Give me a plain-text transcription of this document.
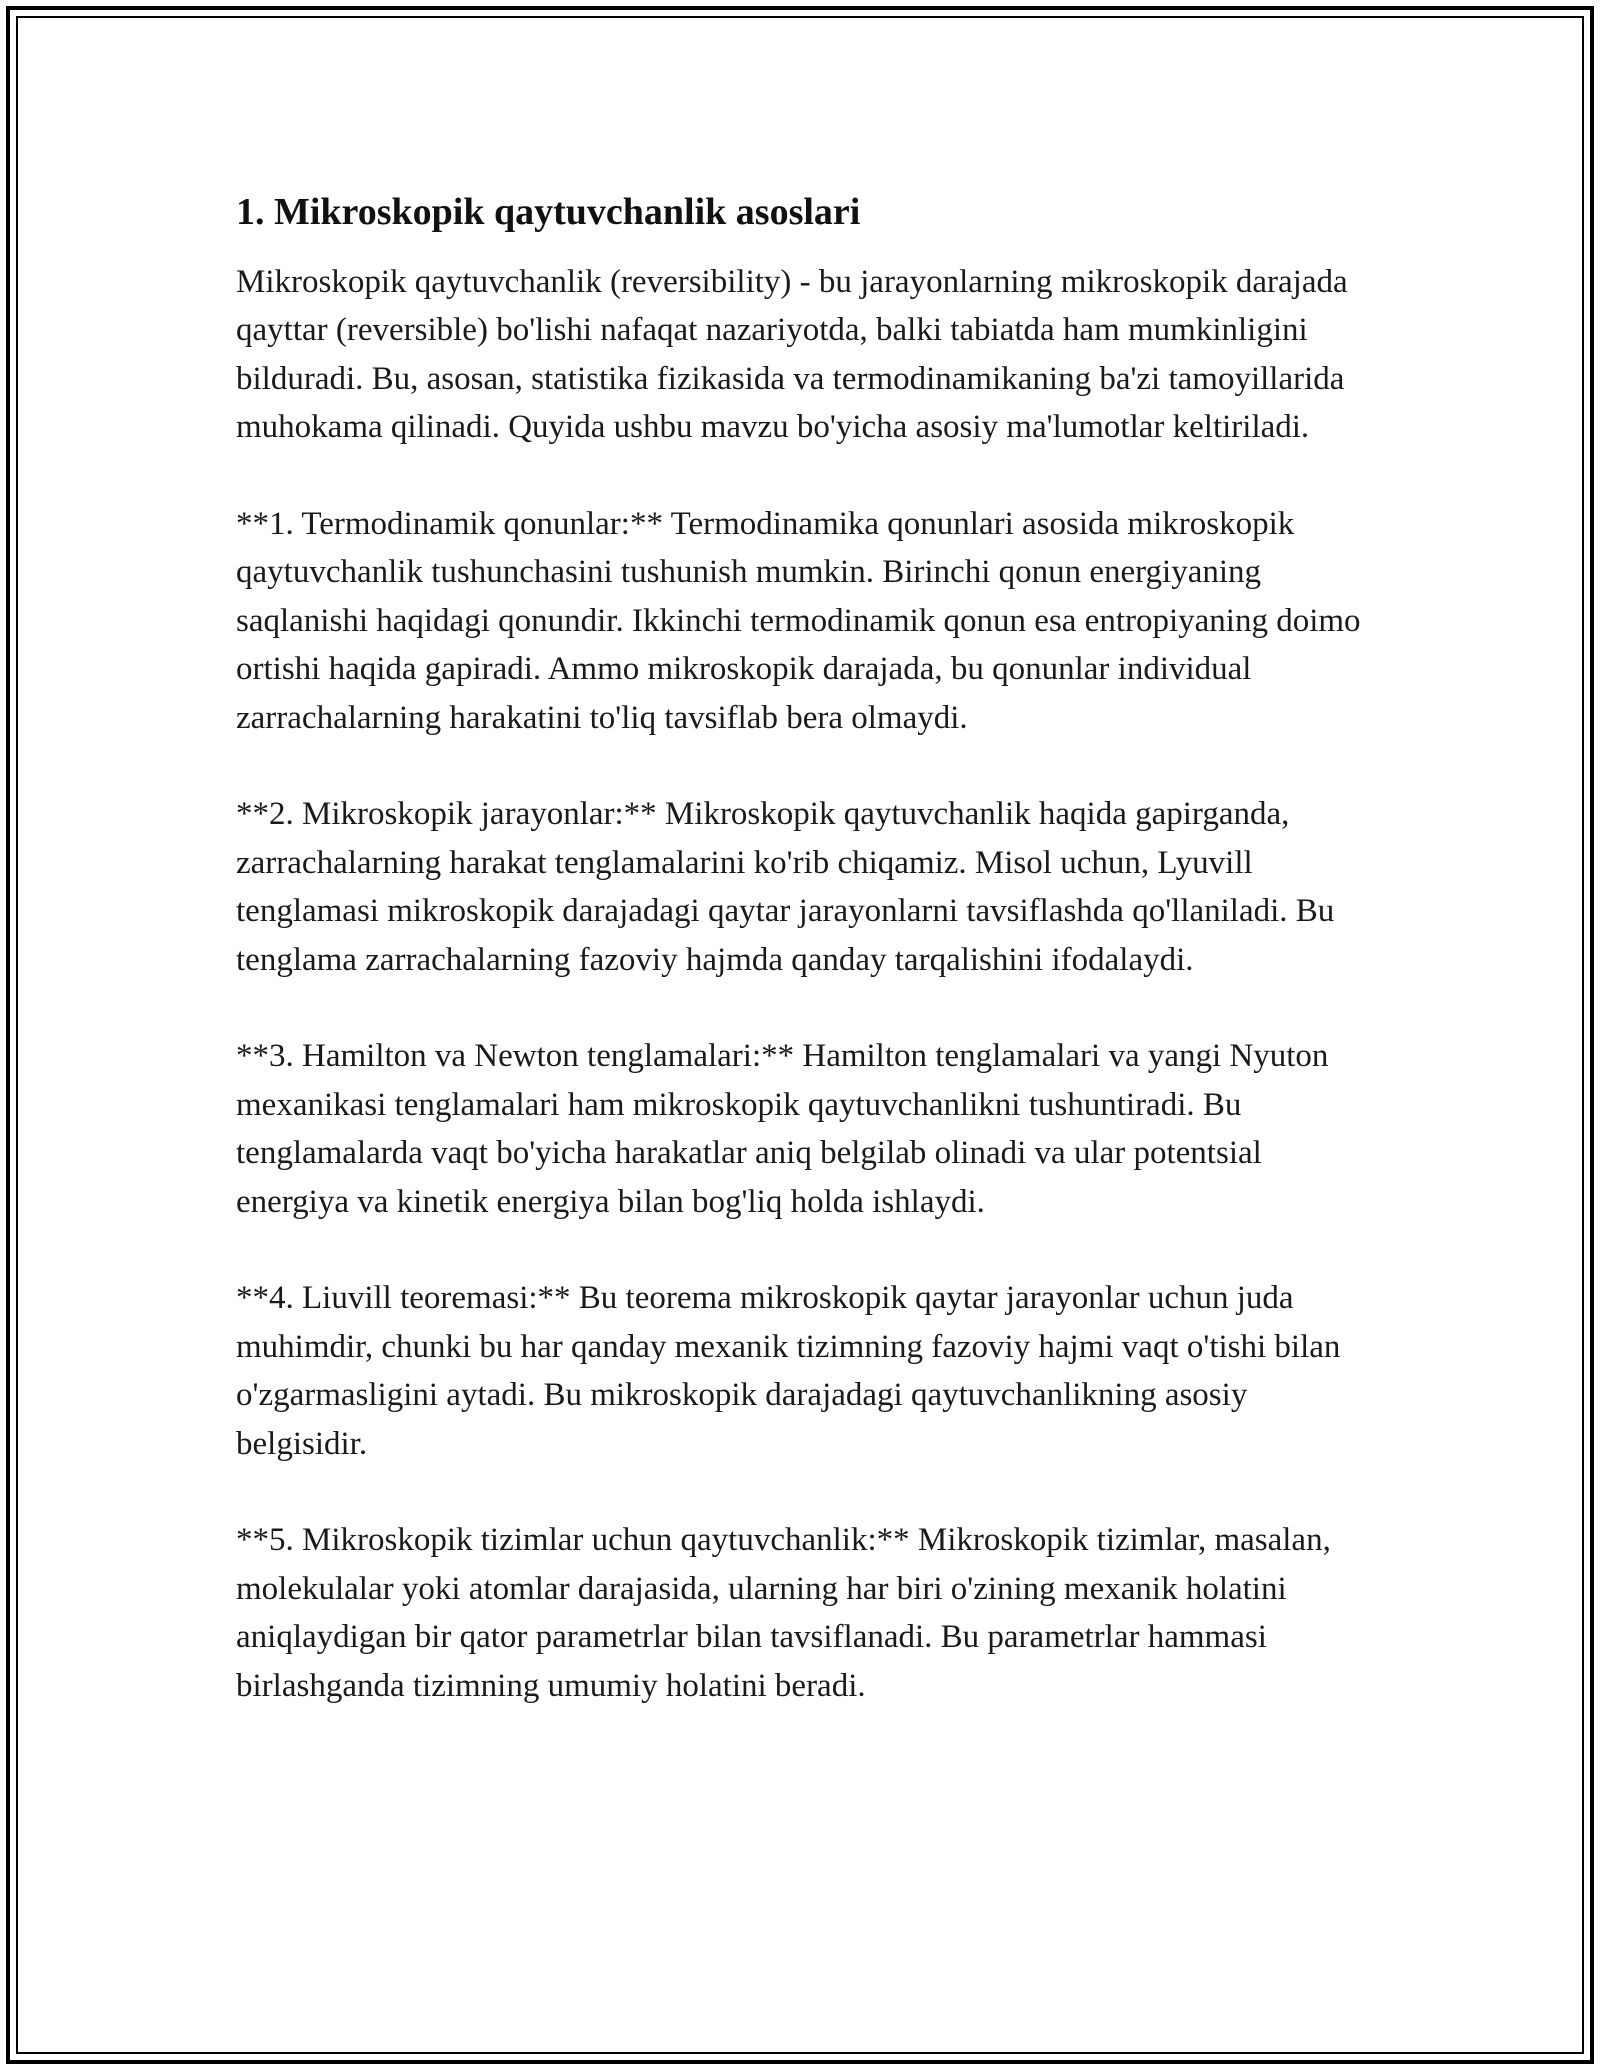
1. Mikroskopik qaytuvchanlik asoslari

Mikroskopik qaytuvchanlik (reversibility) - bu jarayonlarning mikroskopik darajada qayttar (reversible) bo'lishi nafaqat nazariyotda, balki tabiatda ham mumkinligini bilduradi. Bu, asosan, statistika fizikasida va termodinamikaning ba'zi tamoyillarida muhokama qilinadi. Quyida ushbu mavzu bo'yicha asosiy ma'lumotlar keltiriladi.

**1. Termodinamik qonunlar:** Termodinamika qonunlari asosida mikroskopik qaytuvchanlik tushunchasini tushunish mumkin. Birinchi qonun energiyaning saqlanishi haqidagi qonundir. Ikkinchi termodinamik qonun esa entropiyaning doimo ortishi haqida gapiradi. Ammo mikroskopik darajada, bu qonunlar individual zarrachalarning harakatini to'liq tavsiflab bera olmaydi.

**2. Mikroskopik jarayonlar:** Mikroskopik qaytuvchanlik haqida gapirganda, zarrachalarning harakat tenglamalarini ko'rib chiqamiz. Misol uchun, Lyuvill tenglamasi mikroskopik darajadagi qaytar jarayonlarni tavsiflashda qo'llaniladi. Bu tenglama zarrachalarning fazoviy hajmda qanday tarqalishini ifodalaydi.

**3. Hamilton va Newton tenglamalari:** Hamilton tenglamalari va yangi Nyuton mexanikasi tenglamalari ham mikroskopik qaytuvchanlikni tushuntiradi. Bu tenglamalarda vaqt bo'yicha harakatlar aniq belgilab olinadi va ular potentsial energiya va kinetik energiya bilan bog'liq holda ishlaydi.

**4. Liuvill teoremasi:** Bu teorema mikroskopik qaytar jarayonlar uchun juda muhimdir, chunki bu har qanday mexanik tizimning fazoviy hajmi vaqt o'tishi bilan o'zgarmasligini aytadi. Bu mikroskopik darajadagi qaytuvchanlikning asosiy belgisidir.

**5. Mikroskopik tizimlar uchun qaytuvchanlik:** Mikroskopik tizimlar, masalan, molekulalar yoki atomlar darajasida, ularning har biri o'zining mexanik holatini aniqlaydigan bir qator parametrlar bilan tavsiflanadi. Bu parametrlar hammasi birlashganda tizimning umumiy holatini beradi.
